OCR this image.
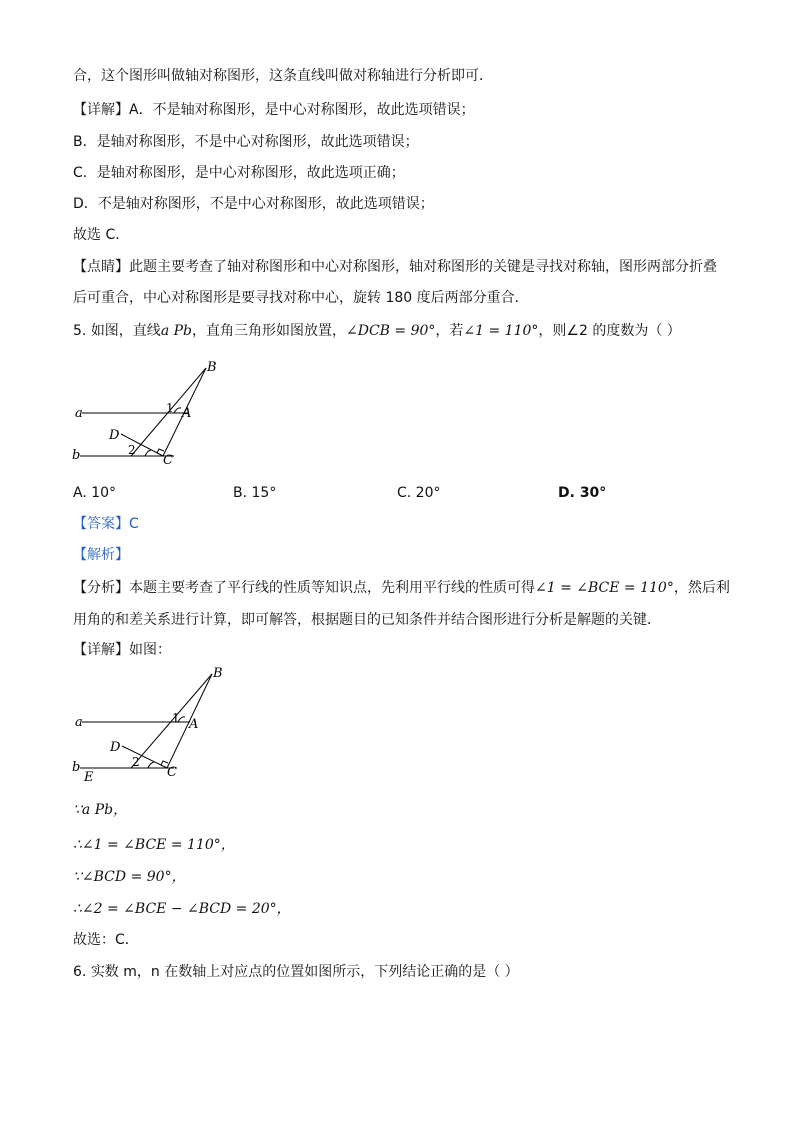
合，这个图形叫做轴对称图形，这条直线叫做对称轴进行分析即可．
【详解】A．不是轴对称图形，是中心对称图形，故此选项错误；
B．是轴对称图形，不是中心对称图形，故此选项错误；
C．是轴对称图形，是中心对称图形，故此选项正确；
D．不是轴对称图形，不是中心对称图形，故此选项错误；
故选 C．
【点睛】此题主要考查了轴对称图形和中心对称图形，轴对称图形的关键是寻找对称轴，图形两部分折叠
后可重合，中心对称图形是要寻找对称中心，旋转 180 度后两部分重合．
5. 如图，直线a Pb，直角三角形如图放置，∠DCB = 90°，若∠1 = 110°，则∠2 的度数为（ ）
B
A
D
C
a
b
1
2
A. 10°	B. 15°	C. 20°	D. 30°
【答案】C
【解析】
【分析】本题主要考查了平行线的性质等知识点，先利用平行线的性质可得∠1 = ∠BCE = 110°，然后利
用角的和差关系进行计算，即可解答，根据题目的已知条件并结合图形进行分析是解题的关键．
【详解】如图：
B
A
D
C
a
b
E
1
2
∵a Pb，
∴∠1 = ∠BCE = 110°，
∵∠BCD = 90°，
∴∠2 = ∠BCE − ∠BCD = 20°，
故选：C．
6. 实数 m，n 在数轴上对应点的位置如图所示，下列结论正确的是（ ）
